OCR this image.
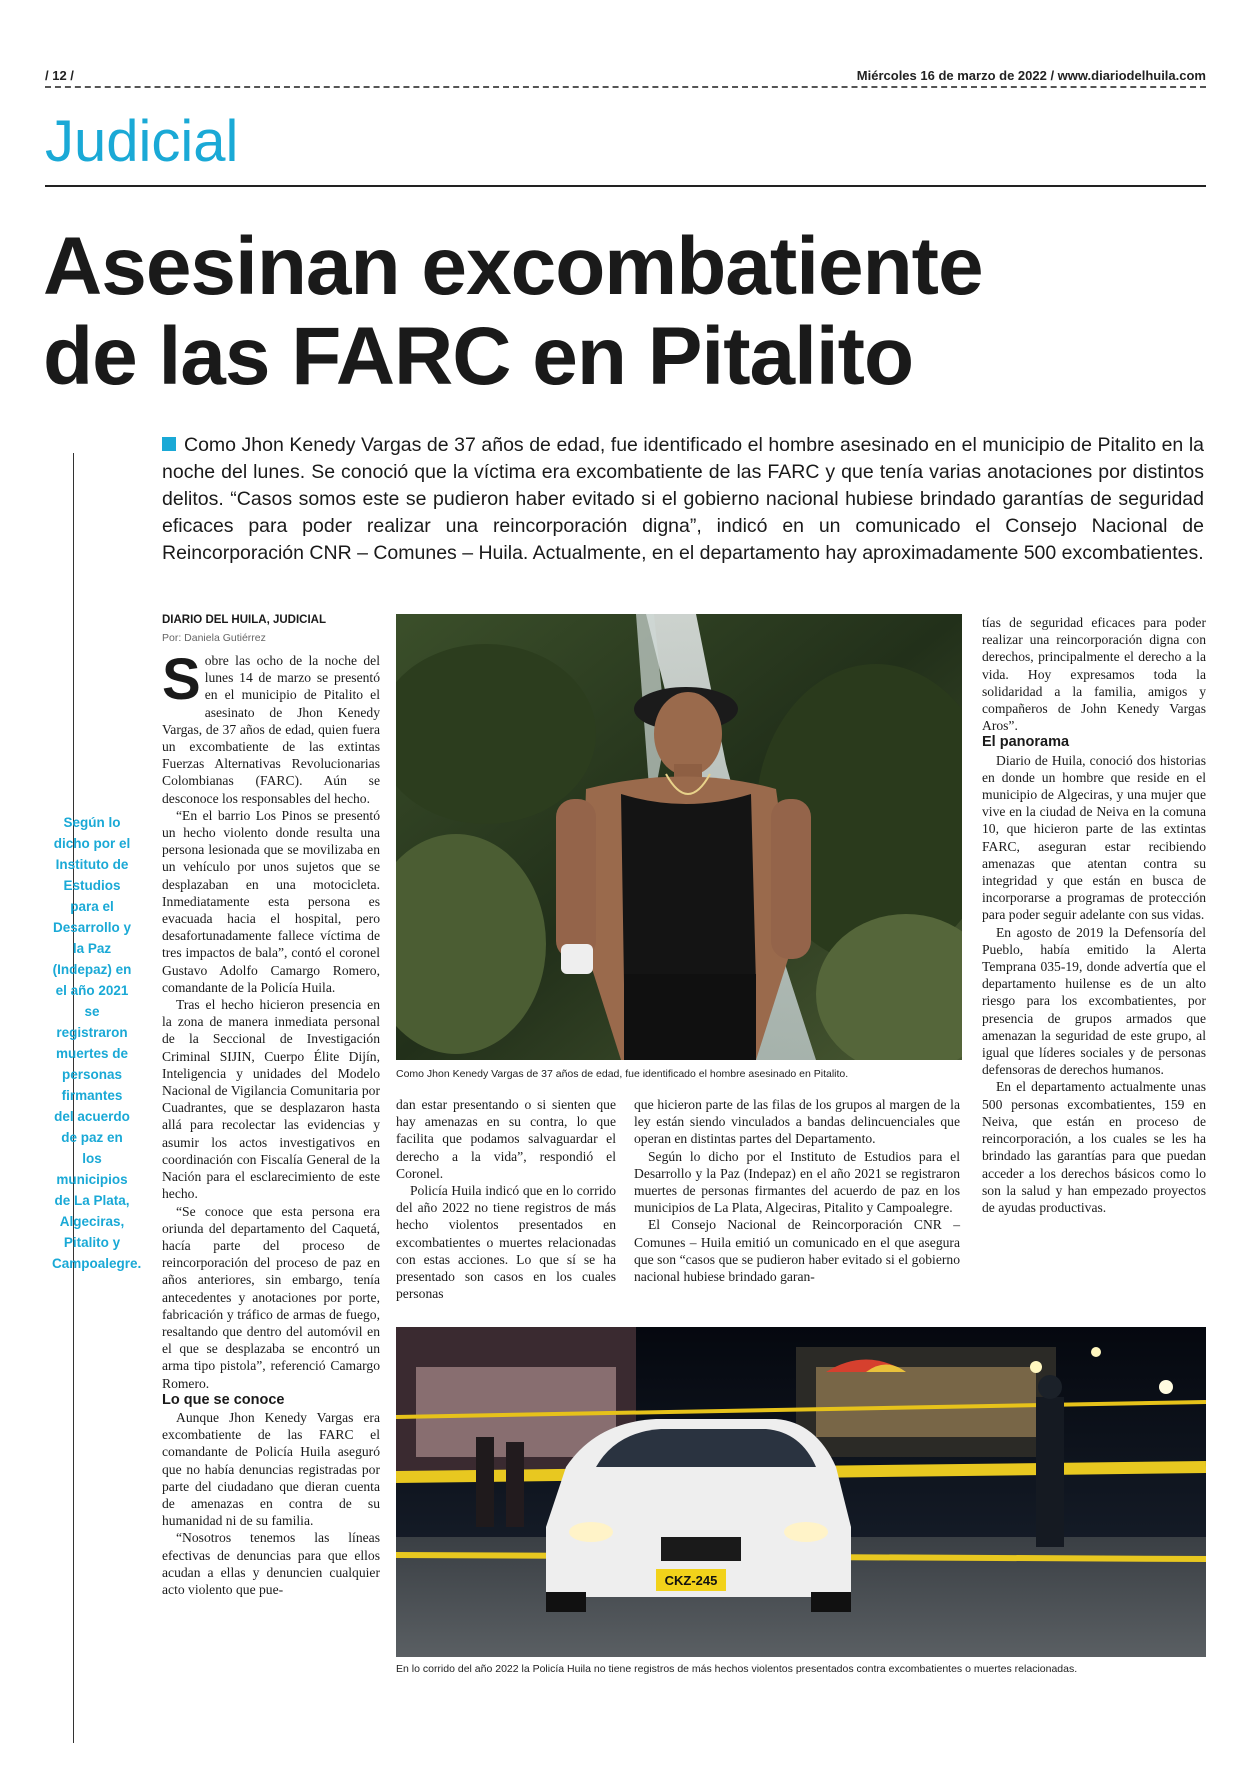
/ 12 /	Miércoles 16 de marzo de 2022 / www.diariodelhuila.com
Judicial
Asesinan excombatiente
de las FARC en Pitalito
Como Jhon Kenedy Vargas de 37 años de edad, fue identificado el hombre asesinado en el municipio de Pitalito en la noche del lunes. Se conoció que la víctima era excombatiente de las FARC y que tenía varias anotaciones por distintos delitos. “Casos somos este se pudieron haber evitado si el gobierno nacional hubiese brindado garantías de seguridad eficaces para poder realizar una reincorporación digna”, indicó en un comunicado el Consejo Nacional de Reincorporación CNR – Comunes – Huila. Actualmente, en el departamento hay aproximadamente 500 excombatientes.
Según lo dicho por el Instituto de Estudios para el Desarrollo y la Paz (Indepaz) en el año 2021 se registraron muertes de personas firmantes del acuerdo de paz en los municipios de La Plata, Algeciras, Pitalito y Campoalegre.
DIARIO DEL HUILA, JUDICIAL
Por: Daniela Gutiérrez

Sobre las ocho de la noche del lunes 14 de marzo se presentó en el municipio de Pitalito el asesinato de Jhon Kenedy Vargas, de 37 años de edad, quien fuera un excombatiente de las extintas Fuerzas Alternativas Revolucionarias Colombianas (FARC). Aún se desconoce los responsables del hecho.

“En el barrio Los Pinos se presentó un hecho violento donde resulta una persona lesionada que se movilizaba en un vehículo por unos sujetos que se desplazaban en una motocicleta. Inmediatamente esta persona es evacuada hacia el hospital, pero desafortunadamente fallece víctima de tres impactos de bala”, contó el coronel Gustavo Adolfo Camargo Romero, comandante de la Policía Huila.

Tras el hecho hicieron presencia en la zona de manera inmediata personal de la Seccional de Investigación Criminal SIJIN, Cuerpo Élite Dijín, Inteligencia y unidades del Modelo Nacional de Vigilancia Comunitaria por Cuadrantes, que se desplazaron hasta allá para recolectar las evidencias y asumir los actos investigativos en coordinación con Fiscalía General de la Nación para el esclarecimiento de este hecho.

“Se conoce que esta persona era oriunda del departamento del Caquetá, hacía parte del proceso de reincorporación del proceso de paz en años anteriores, sin embargo, tenía antecedentes y anotaciones por porte, fabricación y tráfico de armas de fuego, resaltando que dentro del automóvil en el que se desplazaba se encontró un arma tipo pistola”, referenció Camargo Romero.

Lo que se conoce

Aunque Jhon Kenedy Vargas era excombatiente de las FARC el comandante de Policía Huila aseguró que no había denuncias registradas por parte del ciudadano que dieran cuenta de amenazas en contra de su humanidad ni de su familia.

“Nosotros tenemos las líneas efectivas de denuncias para que ellos acudan a ellas y denuncien cualquier acto violento que pue-

Como Jhon Kenedy Vargas de 37 años de edad, fue identificado el hombre asesinado en Pitalito.

dan estar presentando o si sienten que hay amenazas en su contra, lo que facilita que podamos salvaguardar el derecho a la vida”, respondió el Coronel.

Policía Huila indicó que en lo corrido del año 2022 no tiene registros de más hecho violentos presentados en excombatientes o muertes relacionadas con estas acciones. Lo que sí se ha presentado son casos en los cuales personas

que hicieron parte de las filas de los grupos al margen de la ley están siendo vinculados a bandas delincuenciales que operan en distintas partes del Departamento.

Según lo dicho por el Instituto de Estudios para el Desarrollo y la Paz (Indepaz) en el año 2021 se registraron muertes de personas firmantes del acuerdo de paz en los municipios de La Plata, Algeciras, Pitalito y Campoalegre.

El Consejo Nacional de Reincorporación CNR – Comunes – Huila emitió un comunicado en el que asegura que son “casos que se pudieron haber evitado si el gobierno nacional hubiese brindado garan-

tías de seguridad eficaces para poder realizar una reincorporación digna con derechos, principalmente el derecho a la vida. Hoy expresamos toda la solidaridad a la familia, amigos y compañeros de John Kenedy Vargas Aros”.

El panorama

Diario de Huila, conoció dos historias en donde un hombre que reside en el municipio de Algeciras, y una mujer que vive en la ciudad de Neiva en la comuna 10, que hicieron parte de las extintas FARC, aseguran estar recibiendo amenazas que atentan contra su integridad y que están en busca de incorporarse a programas de protección para poder seguir adelante con sus vidas.

En agosto de 2019 la Defensoría del Pueblo, había emitido la Alerta Temprana 035-19, donde advertía que el departamento huilense es de un alto riesgo para los excombatientes, por presencia de grupos armados que amenazan la seguridad de este grupo, al igual que líderes sociales y de personas defensoras de derechos humanos.

En el departamento actualmente unas 500 personas excombatientes, 159 en Neiva, que están en proceso de reincorporación, a los cuales se les ha brindado las garantías para que puedan acceder a los derechos básicos como lo son la salud y han empezado proyectos de ayudas productivas.

CKZ-245
En lo corrido del año 2022 la Policía Huila no tiene registros de más hechos violentos presentados contra excombatientes o muertes relacionadas.
